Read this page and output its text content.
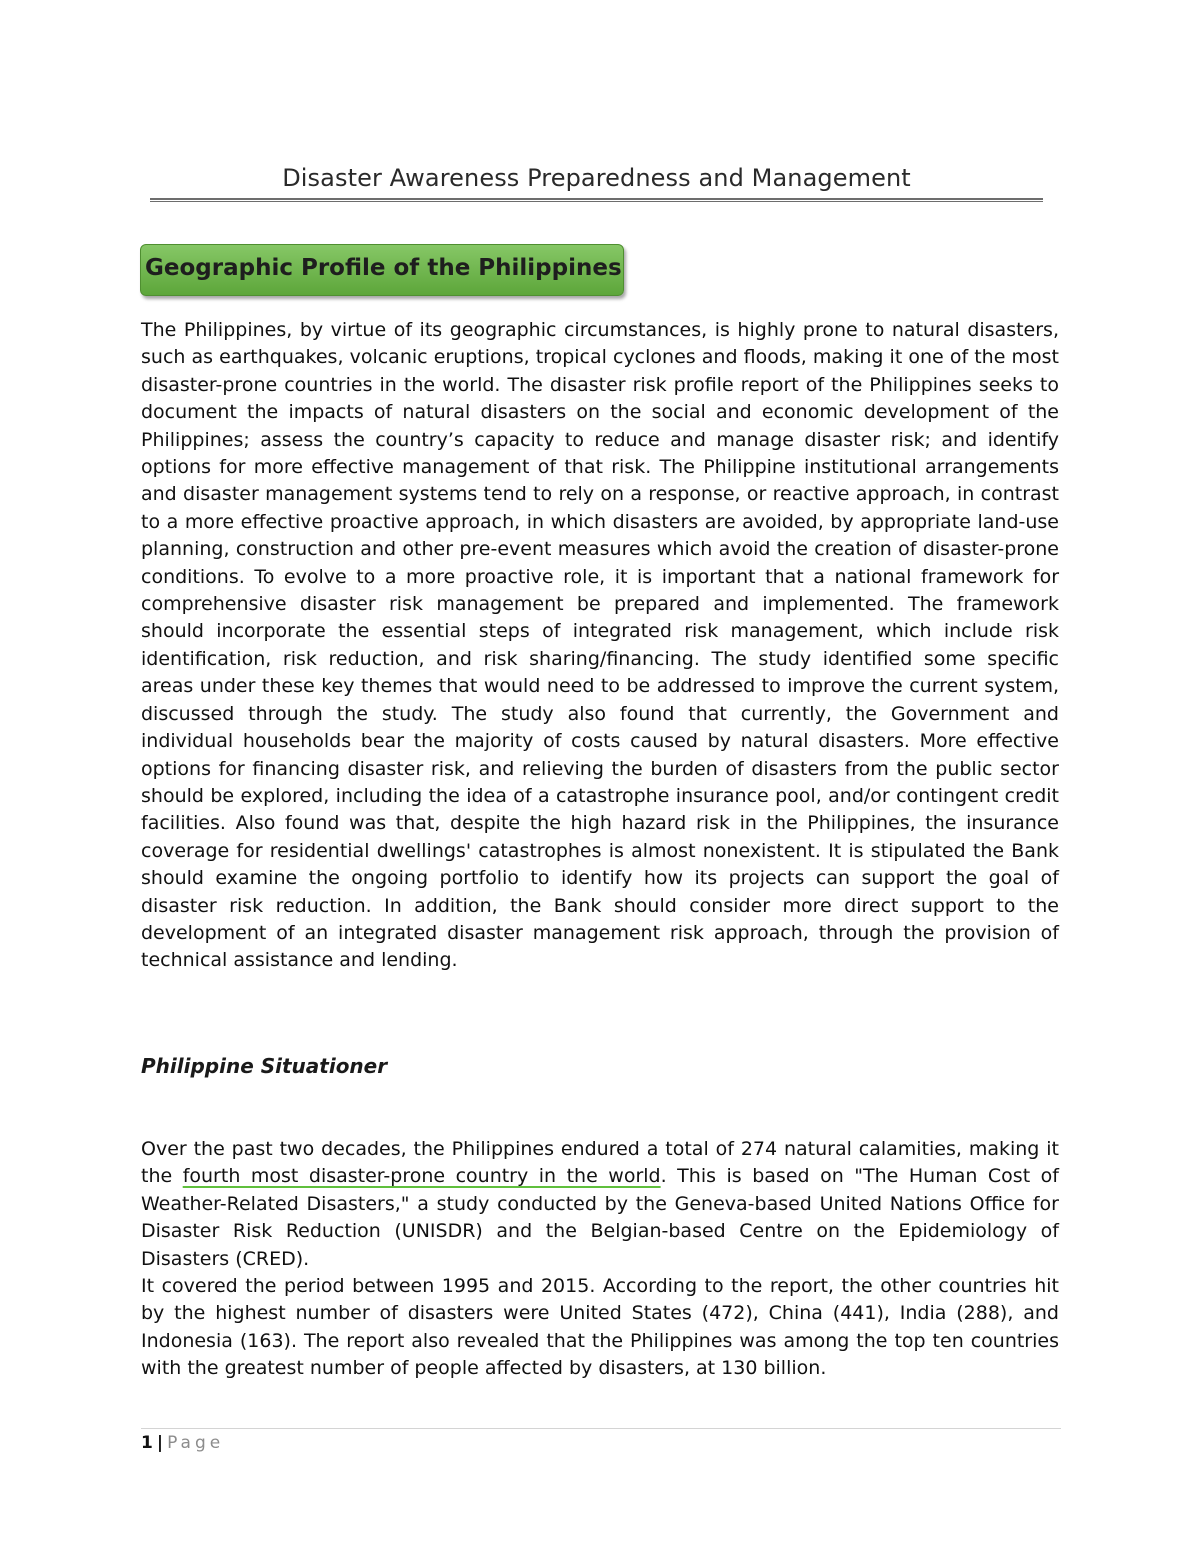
Disaster Awareness Preparedness and Management
Geographic Profile of the Philippines

The Philippines, by virtue of its geographic circumstances, is highly prone to natural disasters, such as earthquakes, volcanic eruptions, tropical cyclones and floods, making it one of the most disaster-prone countries in the world. The disaster risk profile report of the Philippines seeks to document the impacts of natural disasters on the social and economic development of the Philippines; assess the country’s capacity to reduce and manage disaster risk; and identify options for more effective management of that risk. The Philippine institutional arrangements and disaster management systems tend to rely on a response, or reactive approach, in contrast to a more effective proactive approach, in which disasters are avoided, by appropriate land-use planning, construction and other pre-event measures which avoid the creation of disaster-prone conditions. To evolve to a more proactive role, it is important that a national framework for comprehensive disaster risk management be prepared and implemented. The framework should incorporate the essential steps of integrated risk management, which include risk identification, risk reduction, and risk sharing/financing. The study identified some specific areas under these key themes that would need to be addressed to improve the current system, discussed through the study. The study also found that currently, the Government and individual households bear the majority of costs caused by natural disasters. More effective options for financing disaster risk, and relieving the burden of disasters from the public sector should be explored, including the idea of a catastrophe insurance pool, and/or contingent credit facilities. Also found was that, despite the high hazard risk in the Philippines, the insurance coverage for residential dwellings' catastrophes is almost nonexistent. It is stipulated the Bank should examine the ongoing portfolio to identify how its projects can support the goal of disaster risk reduction. In addition, the Bank should consider more direct support to the development of an integrated disaster management risk approach, through the provision of technical assistance and lending.

Philippine Situationer

Over the past two decades, the Philippines endured a total of 274 natural calamities, making it the fourth most disaster-prone country in the world. This is based on "The Human Cost of Weather-Related Disasters," a study conducted by the Geneva-based United Nations Office for Disaster Risk Reduction (UNISDR) and the Belgian-based Centre on the Epidemiology of Disasters (CRED).

It covered the period between 1995 and 2015. According to the report, the other countries hit by the highest number of disasters were United States (472), China (441), India (288), and Indonesia (163). The report also revealed that the Philippines was among the top ten countries with the greatest number of people affected by disasters, at 130 billion.

1 | Page
